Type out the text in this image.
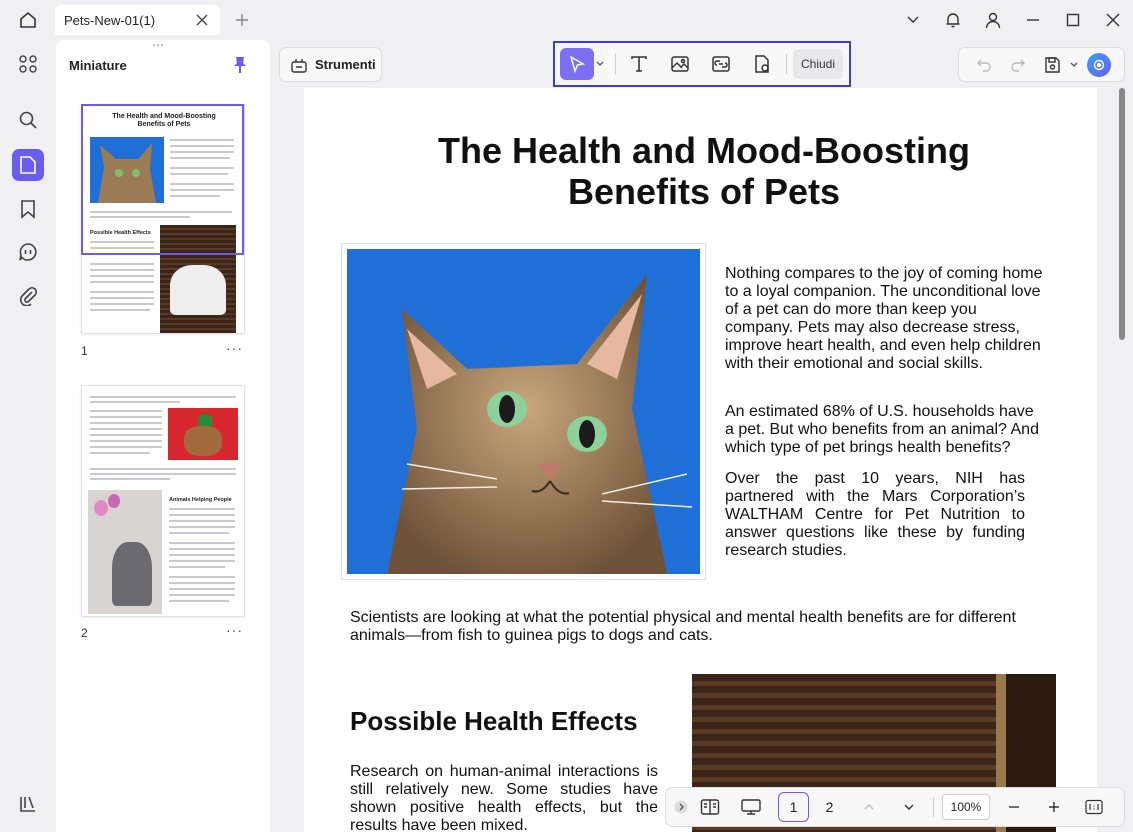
Pets-New-01(1)
'''
Miniature
The Health and Mood-Boosting Benefits of Pets
Possible Health Effects
1	···
Animals Helping People
2	···
Strumenti	Chiudi
The Health and Mood-Boosting
Benefits of Pets
Nothing compares to the joy of coming home to a loyal companion. The unconditional love of a pet can do more than keep you company. Pets may also decrease stress, improve heart health, and even help children with their emotional and social skills.
An estimated 68% of U.S. households have a pet. But who benefits from an animal? And which type of pet brings health benefits?
Over the past 10 years, NIH has partnered with the Mars Corporation’s WALTHAM Centre for Pet Nutrition to answer questions like these by funding research studies.
Scientists are looking at what the potential physical and mental health benefits are for different animals—from fish to guinea pigs to dogs and cats.
Possible Health Effects
Research on human-animal interactions is still relatively new. Some studies have shown positive health effects, but the results have been mixed.
1	2	100%
